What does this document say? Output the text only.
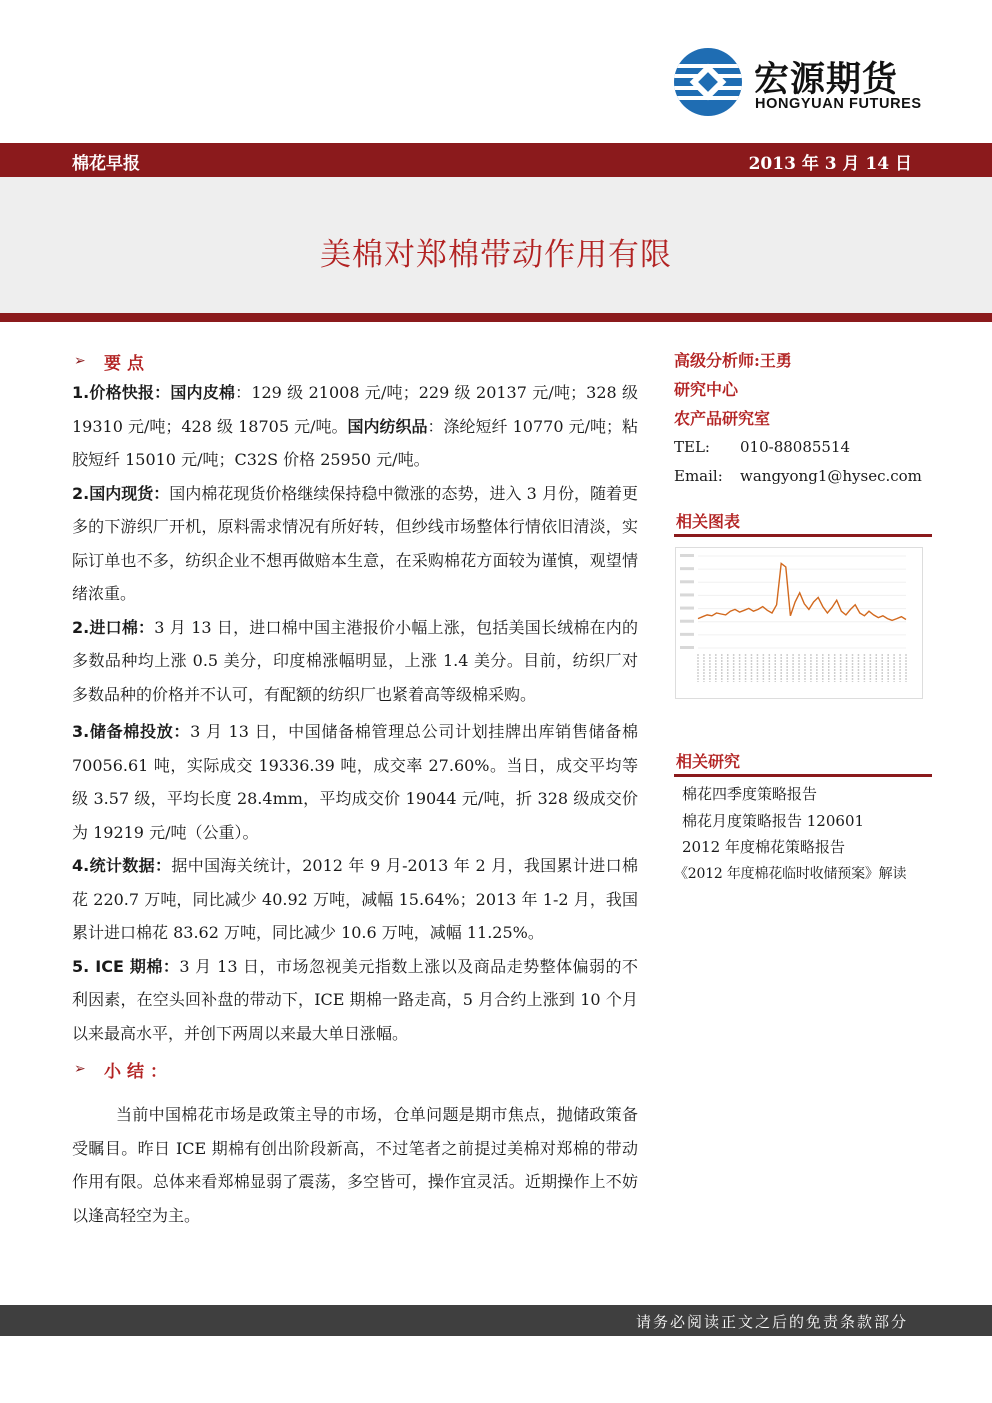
宏源期货
HONGYUAN FUTURES
棉花早报	2013 年 3 月 14 日
美棉对郑棉带动作用有限
➢	要点
1.价格快报：国内皮棉：129 级 21008 元/吨；229 级 20137 元/吨；328 级 19310 元/吨；428 级 18705 元/吨。国内纺织品：涤纶短纤 10770 元/吨；粘胶短纤 15010 元/吨；C32S 价格 25950 元/吨。
2.国内现货：国内棉花现货价格继续保持稳中微涨的态势，进入 3 月份，随着更多的下游织厂开机，原料需求情况有所好转，但纱线市场整体行情依旧清淡，实际订单也不多，纺织企业不想再做赔本生意，在采购棉花方面较为谨慎，观望情绪浓重。
2.进口棉：3 月 13 日，进口棉中国主港报价小幅上涨，包括美国长绒棉在内的多数品种均上涨 0.5 美分，印度棉涨幅明显，上涨 1.4 美分。目前，纺织厂对多数品种的价格并不认可，有配额的纺织厂也紧着高等级棉采购。
3.储备棉投放：3 月 13 日，中国储备棉管理总公司计划挂牌出库销售储备棉 70056.61 吨，实际成交 19336.39 吨，成交率 27.60%。当日，成交平均等级 3.57 级，平均长度 28.4mm，平均成交价 19044 元/吨，折 328 级成交价为 19219 元/吨（公重）。
4.统计数据：据中国海关统计，2012 年 9 月-2013 年 2 月，我国累计进口棉花 220.7 万吨，同比减少 40.92 万吨，减幅 15.64%；2013 年 1-2 月，我国累计进口棉花 83.62 万吨，同比减少 10.6 万吨，减幅 11.25%。
5. ICE 期棉：3 月 13 日，市场忽视美元指数上涨以及商品走势整体偏弱的不利因素，在空头回补盘的带动下，ICE 期棉一路走高，5 月合约上涨到 10 个月 以来最高水平，并创下两周以来最大单日涨幅。
➢	小结：
当前中国棉花市场是政策主导的市场，仓单问题是期市焦点，抛储政策备受瞩目。昨日 ICE 期棉有创出阶段新高，不过笔者之前提过美棉对郑棉的带动作用有限。总体来看郑棉显弱了震荡，多空皆可，操作宜灵活。近期操作上不妨以逢高轻空为主。
高级分析师:王勇
研究中心
农产品研究室
TEL:	010-88085514
Email:	wangyong1@hysec.com
相关图表
相关研究
棉花四季度策略报告
棉花月度策略报告 120601
2012 年度棉花策略报告
《2012 年度棉花临时收储预案》解读
请务必阅读正文之后的免责条款部分
